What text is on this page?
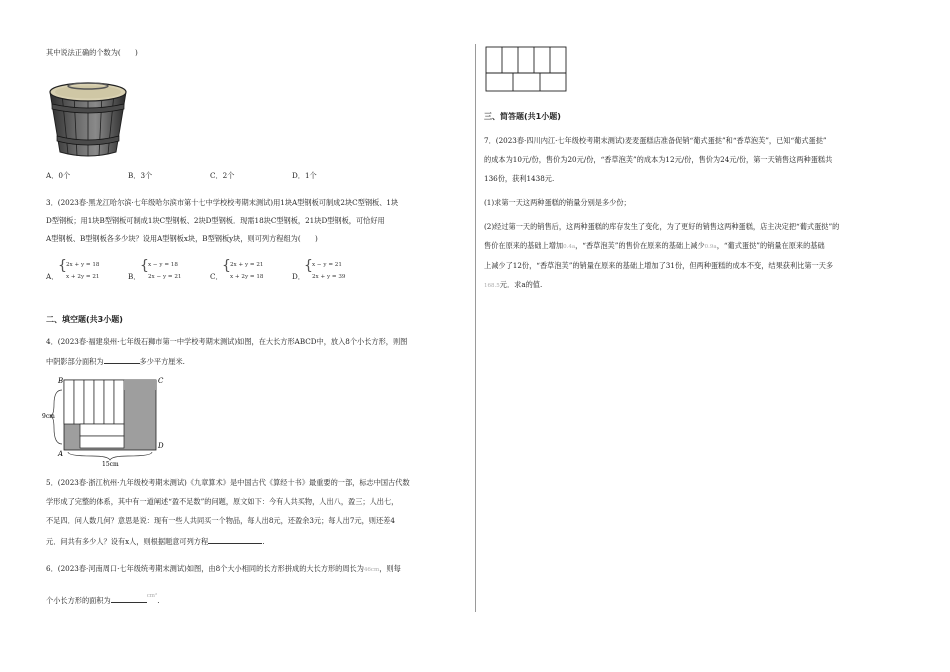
其中说法正确的个数为(　　)
A．0个	B．3个	C．2个	D．1个
3．(2023春·黑龙江哈尔滨·七年级哈尔滨市第十七中学校校考期末测试)用1块A型钢板可制成2块C型钢板、1块
D型钢板；用1块B型钢板可制成1块C型钢板、2块D型钢板．现需18块C型钢板，21块D型钢板，可恰好用
A型钢板、B型钢板各多少块？设用A型钢板x块，B型钢板y块，则可列方程组为(　　)
A．
{ 2x + y = 18
x + 2y = 21	B．
{ x − y = 18
2x − y = 21	C．
{ 2x + y = 21
x + 2y = 18	D．
{ x − y = 21
2x + y = 39
二、填空题(共3小题)
4．(2023春·福建泉州·七年级石狮市第一中学校考期末测试)如图，在大长方形ABCD中，放入8个小长方形，则图
中阴影部分面积为	多少平方厘米.
B	C
A
D
9cm
15cm
5．(2023春·浙江杭州·九年级校考期末测试)《九章算术》是中国古代《算经十书》最重要的一部，标志中国古代数
学形成了完整的体系，其中有一道阐述“盈不足数”的问题，原文如下：今有人共买物，人出八，盈三；人出七，
不足四．问人数几何？意思是说：现有一些人共同买一个物品，每人出8元，还盈余3元；每人出7元，则还差4
元．问共有多少人？设有x人，则根据题意可列方程	.
6．(2023春·河南周口·七年级统考期末测试)如图，由8个大小相同的长方形拼成的大长方形的周长为46cm，则每
个小长方形的面积为	$^{cm^2}$.
三、简答题(共1小题)
7．(2023春·四川内江·七年级校考期末测试)麦麦蛋糕店准备促销“葡式蛋挞”和“香草泡芙”，已知“葡式蛋挞”
的成本为10元/份，售价为20元/份，“香草泡芙”的成本为12元/份，售价为24元/份，第一天销售这两种蛋糕共
136份，获利1438元.
(1)求第一天这两种蛋糕的销量分别是多少份；
(2)经过第一天的销售后，这两种蛋糕的库存发生了变化，为了更好的销售这两种蛋糕，店主决定把“葡式蛋挞”的
售价在原来的基础上增加0.4a，“香草泡芙”的售价在原来的基础上减少0.9a，“葡式蛋挞”的销量在原来的基础
上减少了12份，“香草泡芙”的销量在原来的基础上增加了31份，但两种蛋糕的成本不变，结果获利比第一天多
168.5元．求a的值.
